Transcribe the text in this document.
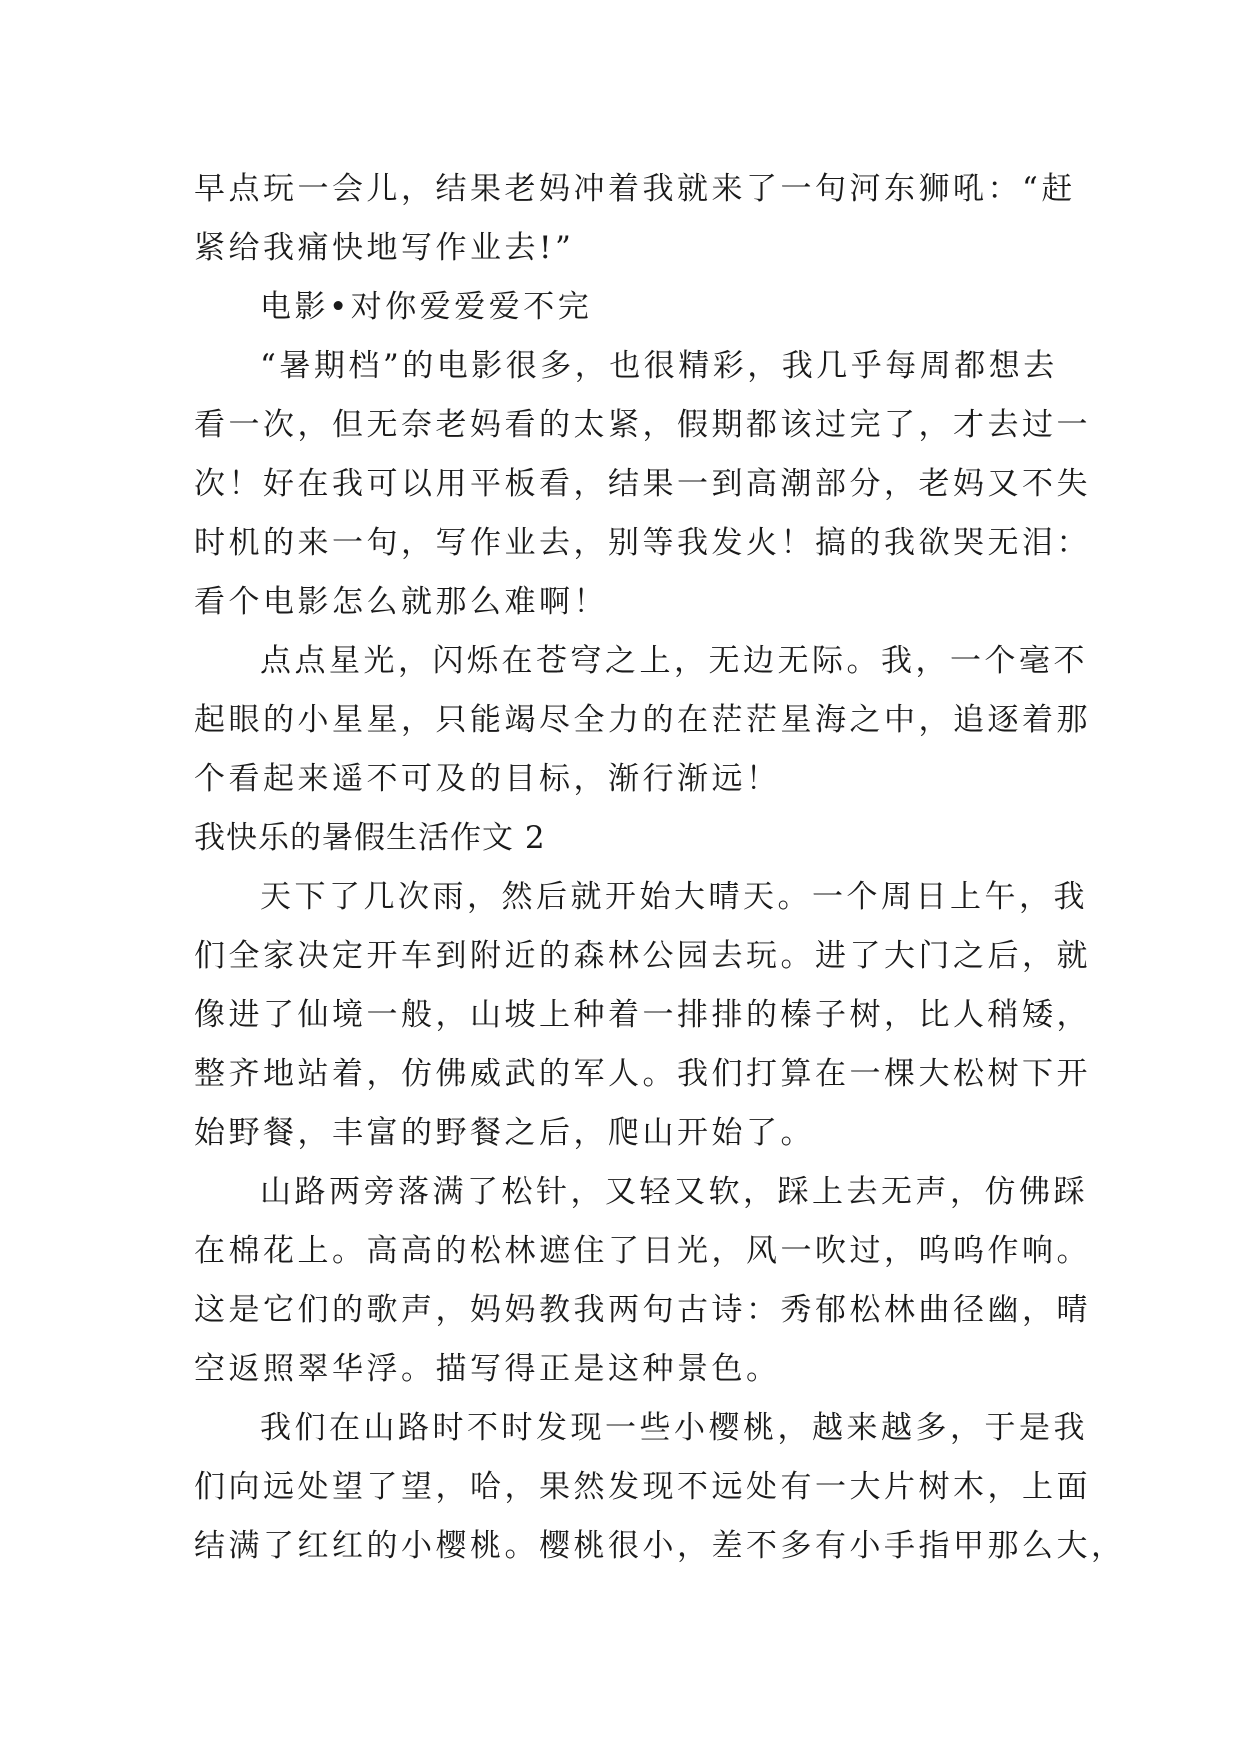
早点玩一会儿，结果老妈冲着我就来了一句河东狮吼：“赶
紧给我痛快地写作业去!”
电影•对你爱爱爱不完
“暑期档”的电影很多，也很精彩，我几乎每周都想去
看一次，但无奈老妈看的太紧，假期都该过完了，才去过一
次！好在我可以用平板看，结果一到高潮部分，老妈又不失
时机的来一句，写作业去，别等我发火！搞的我欲哭无泪：
看个电影怎么就那么难啊！
点点星光，闪烁在苍穹之上，无边无际。我，一个毫不
起眼的小星星，只能竭尽全力的在茫茫星海之中，追逐着那
个看起来遥不可及的目标，渐行渐远！
我快乐的暑假生活作文 2
天下了几次雨，然后就开始大晴天。一个周日上午，我
们全家决定开车到附近的森林公园去玩。进了大门之后，就
像进了仙境一般，山坡上种着一排排的榛子树，比人稍矮，
整齐地站着，仿佛威武的军人。我们打算在一棵大松树下开
始野餐，丰富的野餐之后，爬山开始了。
山路两旁落满了松针，又轻又软，踩上去无声，仿佛踩
在棉花上。高高的松林遮住了日光，风一吹过，呜呜作响。
这是它们的歌声，妈妈教我两句古诗：秀郁松林曲径幽，晴
空返照翠华浮。描写得正是这种景色。
我们在山路时不时发现一些小樱桃，越来越多，于是我
们向远处望了望，哈，果然发现不远处有一大片树木，上面
结满了红红的小樱桃。樱桃很小，差不多有小手指甲那么大，
